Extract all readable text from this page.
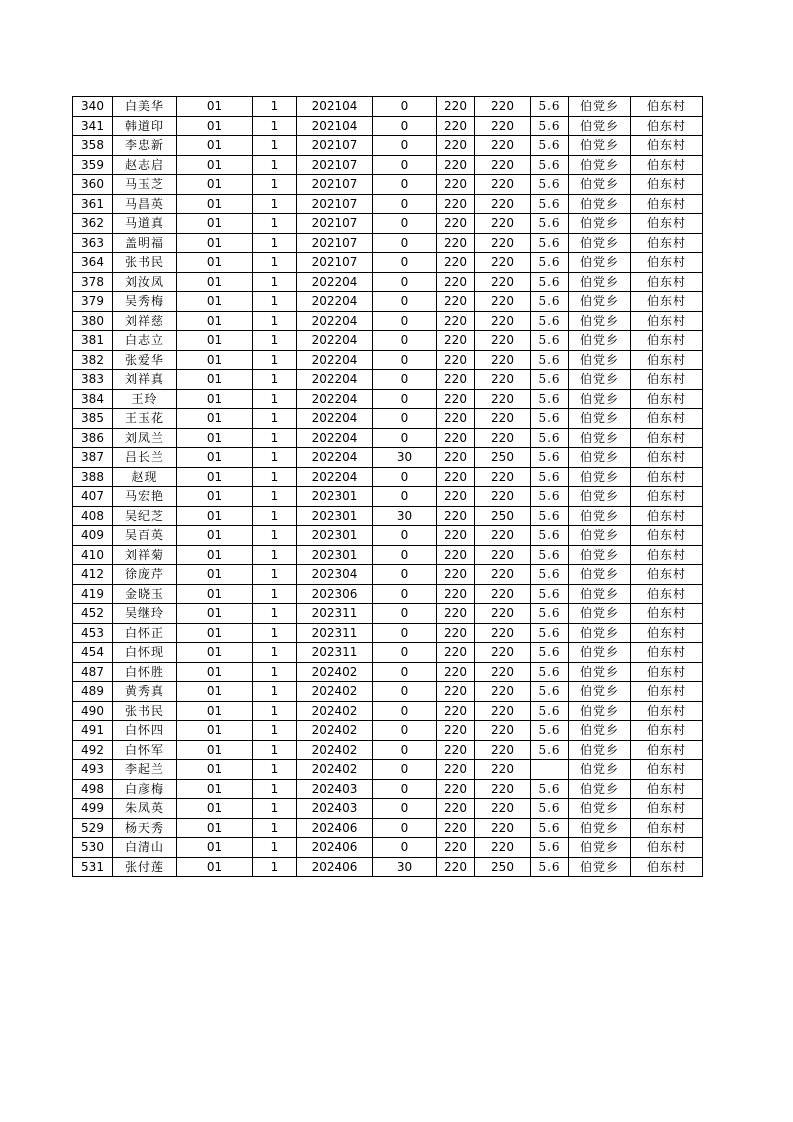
340	白美华	01	1	202104	0	220	220	5.6	伯党乡	伯东村
341	韩道印	01	1	202104	0	220	220	5.6	伯党乡	伯东村
358	李忠新	01	1	202107	0	220	220	5.6	伯党乡	伯东村
359	赵志启	01	1	202107	0	220	220	5.6	伯党乡	伯东村
360	马玉芝	01	1	202107	0	220	220	5.6	伯党乡	伯东村
361	马昌英	01	1	202107	0	220	220	5.6	伯党乡	伯东村
362	马道真	01	1	202107	0	220	220	5.6	伯党乡	伯东村
363	盖明福	01	1	202107	0	220	220	5.6	伯党乡	伯东村
364	张书民	01	1	202107	0	220	220	5.6	伯党乡	伯东村
378	刘汝凤	01	1	202204	0	220	220	5.6	伯党乡	伯东村
379	吴秀梅	01	1	202204	0	220	220	5.6	伯党乡	伯东村
380	刘祥慈	01	1	202204	0	220	220	5.6	伯党乡	伯东村
381	白志立	01	1	202204	0	220	220	5.6	伯党乡	伯东村
382	张爱华	01	1	202204	0	220	220	5.6	伯党乡	伯东村
383	刘祥真	01	1	202204	0	220	220	5.6	伯党乡	伯东村
384	王玲	01	1	202204	0	220	220	5.6	伯党乡	伯东村
385	王玉花	01	1	202204	0	220	220	5.6	伯党乡	伯东村
386	刘凤兰	01	1	202204	0	220	220	5.6	伯党乡	伯东村
387	吕长兰	01	1	202204	30	220	250	5.6	伯党乡	伯东村
388	赵现	01	1	202204	0	220	220	5.6	伯党乡	伯东村
407	马宏艳	01	1	202301	0	220	220	5.6	伯党乡	伯东村
408	吴纪芝	01	1	202301	30	220	250	5.6	伯党乡	伯东村
409	吴百英	01	1	202301	0	220	220	5.6	伯党乡	伯东村
410	刘祥菊	01	1	202301	0	220	220	5.6	伯党乡	伯东村
412	徐庞芹	01	1	202304	0	220	220	5.6	伯党乡	伯东村
419	金晓玉	01	1	202306	0	220	220	5.6	伯党乡	伯东村
452	吴继玲	01	1	202311	0	220	220	5.6	伯党乡	伯东村
453	白怀正	01	1	202311	0	220	220	5.6	伯党乡	伯东村
454	白怀现	01	1	202311	0	220	220	5.6	伯党乡	伯东村
487	白怀胜	01	1	202402	0	220	220	5.6	伯党乡	伯东村
489	黄秀真	01	1	202402	0	220	220	5.6	伯党乡	伯东村
490	张书民	01	1	202402	0	220	220	5.6	伯党乡	伯东村
491	白怀四	01	1	202402	0	220	220	5.6	伯党乡	伯东村
492	白怀军	01	1	202402	0	220	220	5.6	伯党乡	伯东村
493	李起兰	01	1	202402	0	220	220		伯党乡	伯东村
498	白彦梅	01	1	202403	0	220	220	5.6	伯党乡	伯东村
499	朱凤英	01	1	202403	0	220	220	5.6	伯党乡	伯东村
529	杨天秀	01	1	202406	0	220	220	5.6	伯党乡	伯东村
530	白清山	01	1	202406	0	220	220	5.6	伯党乡	伯东村
531	张付莲	01	1	202406	30	220	250	5.6	伯党乡	伯东村
